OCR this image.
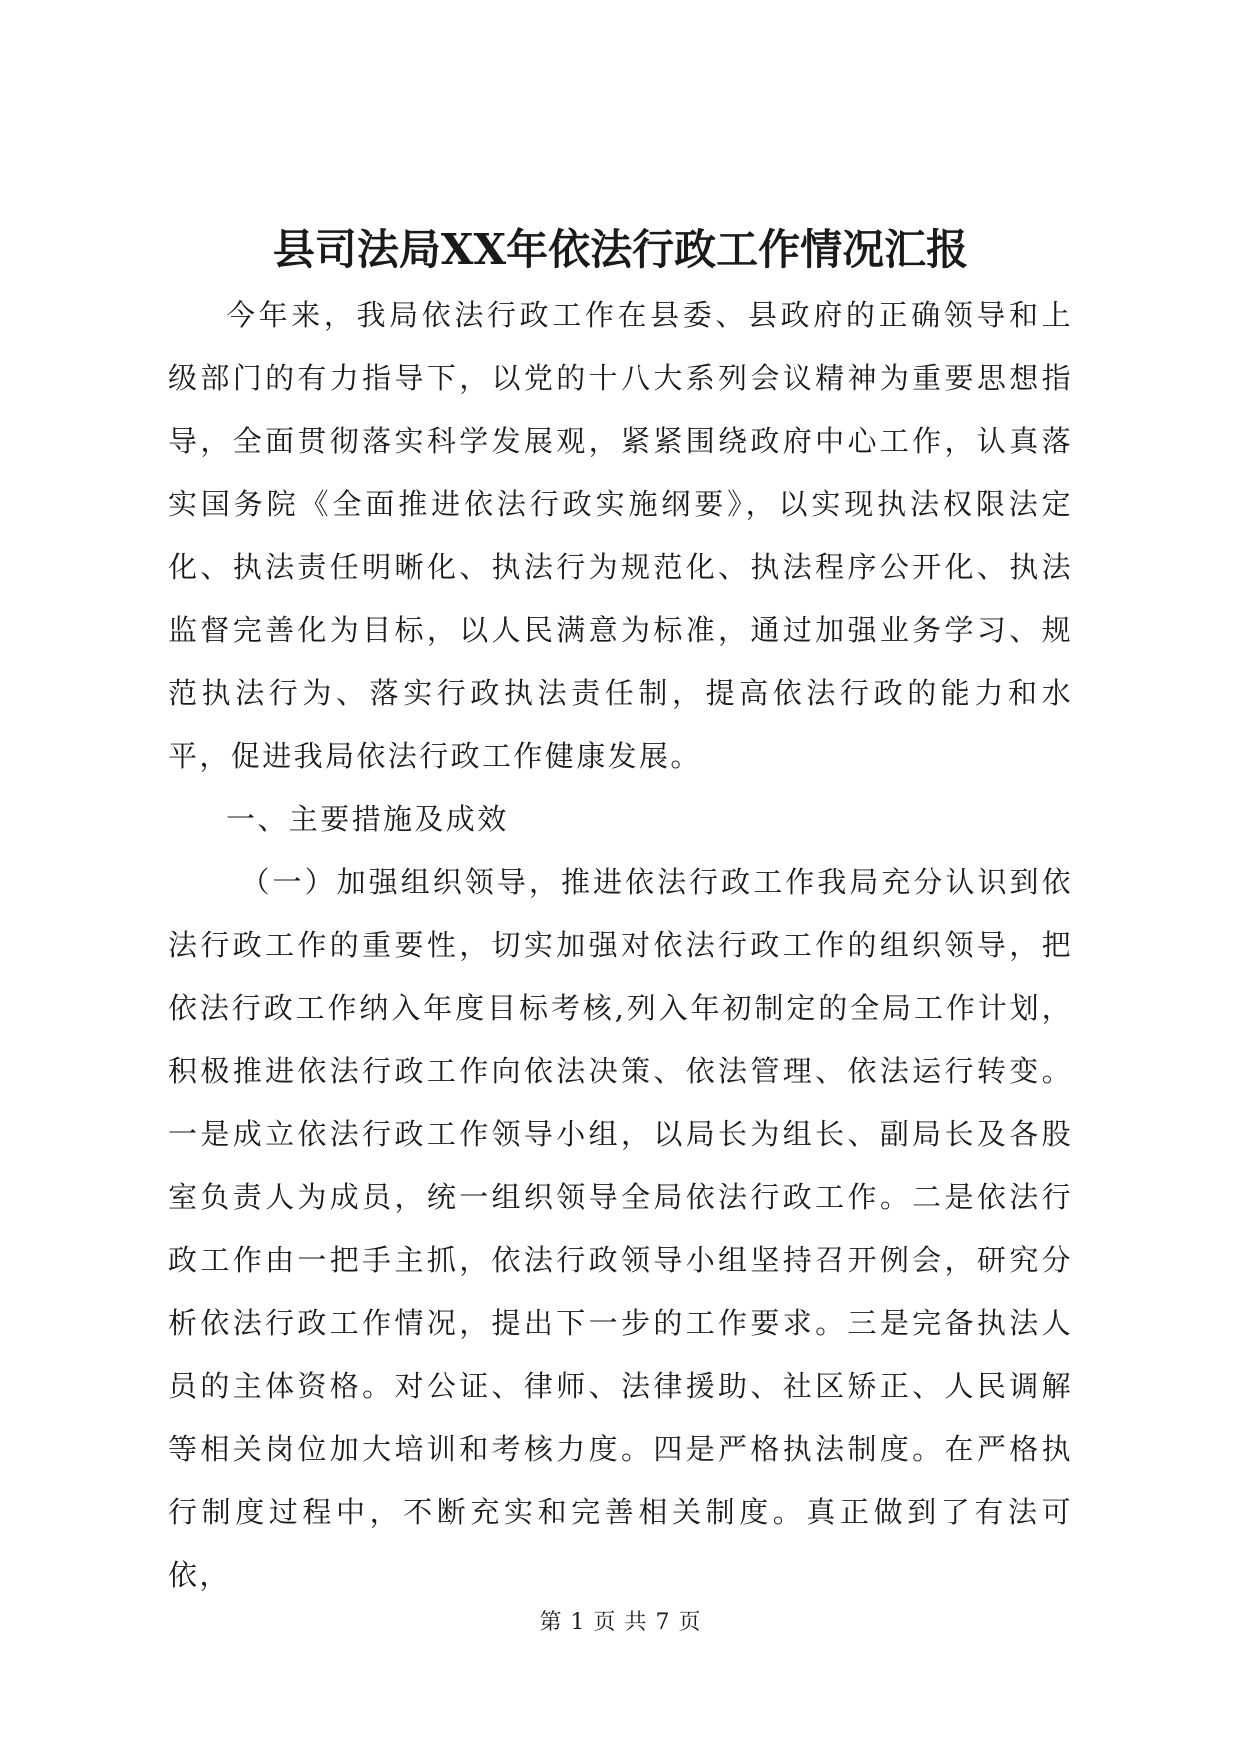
县司法局XX年依法行政工作情况汇报

今年来，我局依法行政工作在县委、县政府的正确领导和上级部门的有力指导下，以党的十八大系列会议精神为重要思想指导，全面贯彻落实科学发展观，紧紧围绕政府中心工作，认真落实国务院《全面推进依法行政实施纲要》，以实现执法权限法定化、执法责任明晰化、执法行为规范化、执法程序公开化、执法监督完善化为目标，以人民满意为标准，通过加强业务学习、规范执法行为、落实行政执法责任制，提高依法行政的能力和水平，促进我局依法行政工作健康发展。

一、主要措施及成效

（一）加强组织领导，推进依法行政工作我局充分认识到依法行政工作的重要性，切实加强对依法行政工作的组织领导，把依法行政工作纳入年度目标考核,列入年初制定的全局工作计划，积极推进依法行政工作向依法决策、依法管理、依法运行转变。一是成立依法行政工作领导小组，以局长为组长、副局长及各股室负责人为成员，统一组织领导全局依法行政工作。二是依法行政工作由一把手主抓，依法行政领导小组坚持召开例会，研究分析依法行政工作情况，提出下一步的工作要求。三是完备执法人员的主体资格。对公证、律师、法律援助、社区矫正、人民调解等相关岗位加大培训和考核力度。四是严格执法制度。在严格执行制度过程中，不断充实和完善相关制度。真正做到了有法可依，

第 1 页 共 7 页
